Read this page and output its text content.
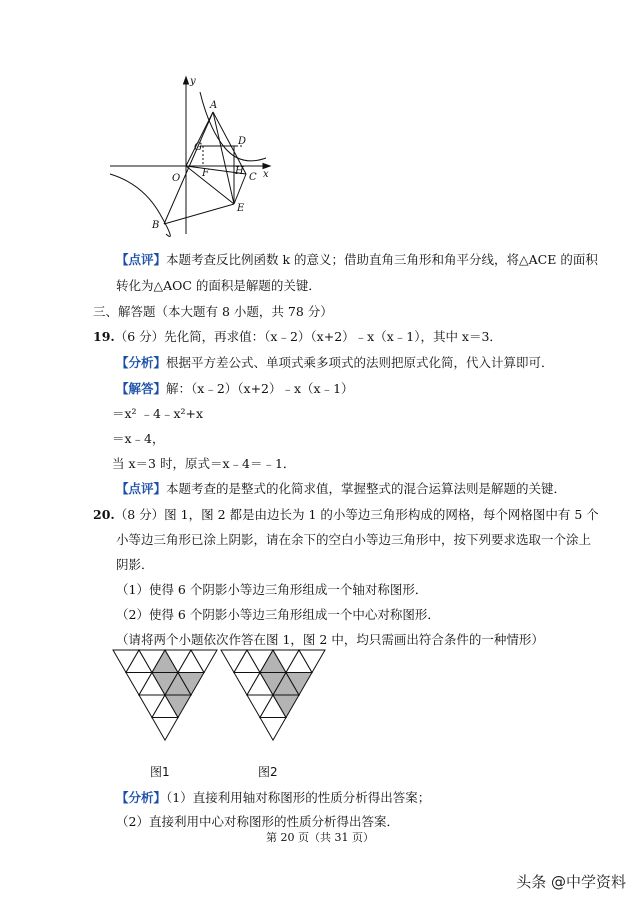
y
x
O
A
B
C
D
E
F
G
H
【点评】本题考查反比例函数 k 的意义；借助直角三角形和角平分线，将△ACE 的面积
转化为△AOC 的面积是解题的关键．
三、解答题（本大题有 8 小题，共 78 分）
19.（6 分）先化简，再求值：（x﹣2）（x+2）﹣x（x﹣1），其中 x＝3．
【分析】根据平方差公式、单项式乘多项式的法则把原式化简，代入计算即可．
【解答】解：（x﹣2）（x+2）﹣x（x﹣1）
＝x² ﹣4﹣x²+x
＝x﹣4，
当 x＝3 时，原式＝x﹣4＝﹣1．
【点评】本题考查的是整式的化简求值，掌握整式的混合运算法则是解题的关键．
20.（8 分）图 1，图 2 都是由边长为 1 的小等边三角形构成的网格，每个网格图中有 5 个
小等边三角形已涂上阴影，请在余下的空白小等边三角形中，按下列要求选取一个涂上
阴影．
（1）使得 6 个阴影小等边三角形组成一个轴对称图形．
（2）使得 6 个阴影小等边三角形组成一个中心对称图形．
（请将两个小题依次作答在图 1，图 2 中，均只需画出符合条件的一种情形）
图1	图2
【分析】（1）直接利用轴对称图形的性质分析得出答案；
（2）直接利用中心对称图形的性质分析得出答案．
第 20 页（共 31 页）
头条 @中学资料
